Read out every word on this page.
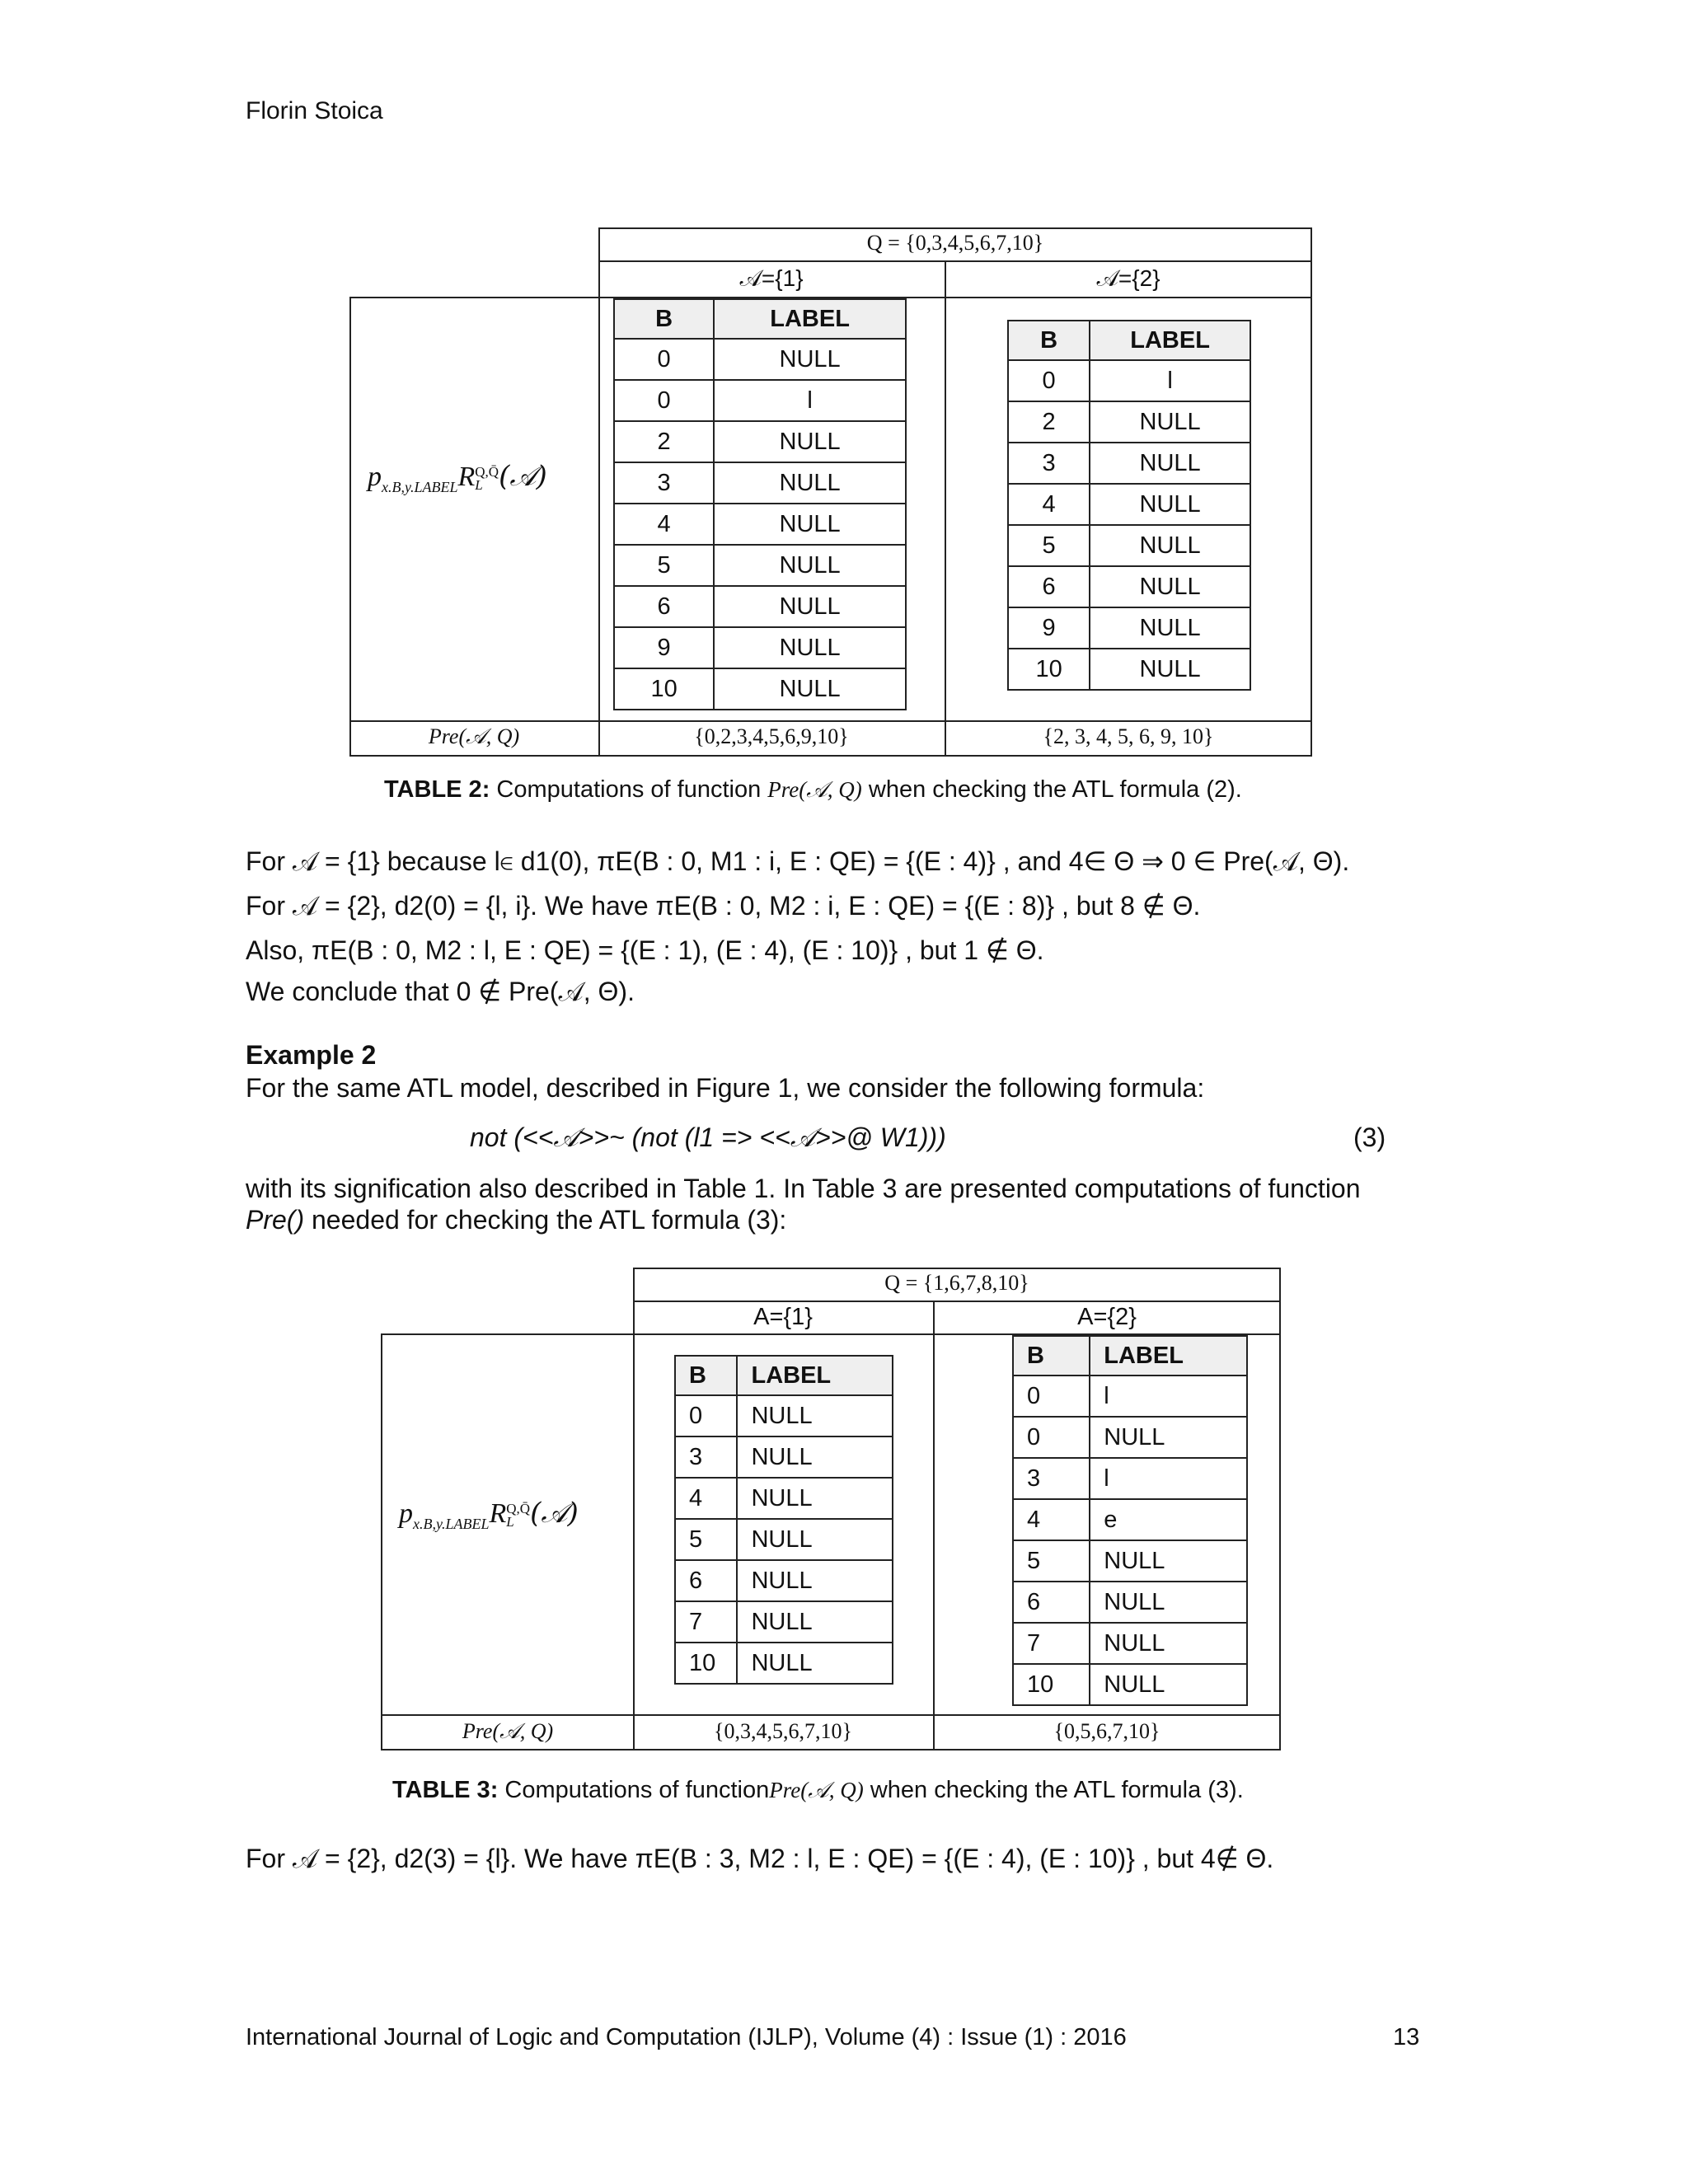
Florin Stoica
Q = {0,3,4,5,6,7,10}
𝒜={1}	𝒜={2}
$p_{x.B,y.LABEL}R$ Q,Q̄
L (𝒜)
B	LABEL
0	NULL
0	l
2	NULL
3	NULL
4	NULL
5	NULL
6	NULL
9	NULL
10	NULL
B	LABEL
0	l
2	NULL
3	NULL
4	NULL
5	NULL
6	NULL
9	NULL
10	NULL
Pre(𝒜, Q)	{0,2,3,4,5,6,9,10}	{2, 3, 4, 5, 6, 9, 10}
TABLE 2: Computations of function Pre(𝒜, Q) when checking the ATL formula (2).
For 𝒜 = {1} because l∈ d1(0), πE(B : 0, M1 : i, E : QE) = {(E : 4)} , and 4∈ Θ ⇒ 0 ∈ Pre(𝒜, Θ).
For 𝒜 = {2}, d2(0) = {l, i}. We have πE(B : 0, M2 : i, E : QE) = {(E : 8)} , but 8 ∉ Θ.
Also, πE(B : 0, M2 : l, E : QE) = {(E : 1), (E : 4), (E : 10)} , but 1 ∉ Θ.
We conclude that 0 ∉ Pre(𝒜, Θ).
Example 2
For the same ATL model, described in Figure 1, we consider the following formula:
not (<<𝒜>>~ (not (l1 => <<𝒜>>@ W1)))	(3)
with its signification also described in Table 1. In Table 3 are presented computations of function
Pre() needed for checking the ATL formula (3):
Q = {1,6,7,8,10}
A={1}	A={2}
$p_{x.B,y.LABEL}R$ Q,Q̄
L (𝒜)
B	LABEL
0	NULL
3	NULL
4	NULL
5	NULL
6	NULL
7	NULL
10	NULL
B	LABEL
0	l
0	NULL
3	l
4	e
5	NULL
6	NULL
7	NULL
10	NULL
Pre(𝒜, Q)	{0,3,4,5,6,7,10}	{0,5,6,7,10}
TABLE 3: Computations of functionPre(𝒜, Q) when checking the ATL formula (3).
For 𝒜 = {2}, d2(3) = {l}. We have πE(B : 3, M2 : l, E : QE) = {(E : 4), (E : 10)} , but 4∉ Θ.
International Journal of Logic and Computation (IJLP), Volume (4) : Issue (1) : 2016	13
